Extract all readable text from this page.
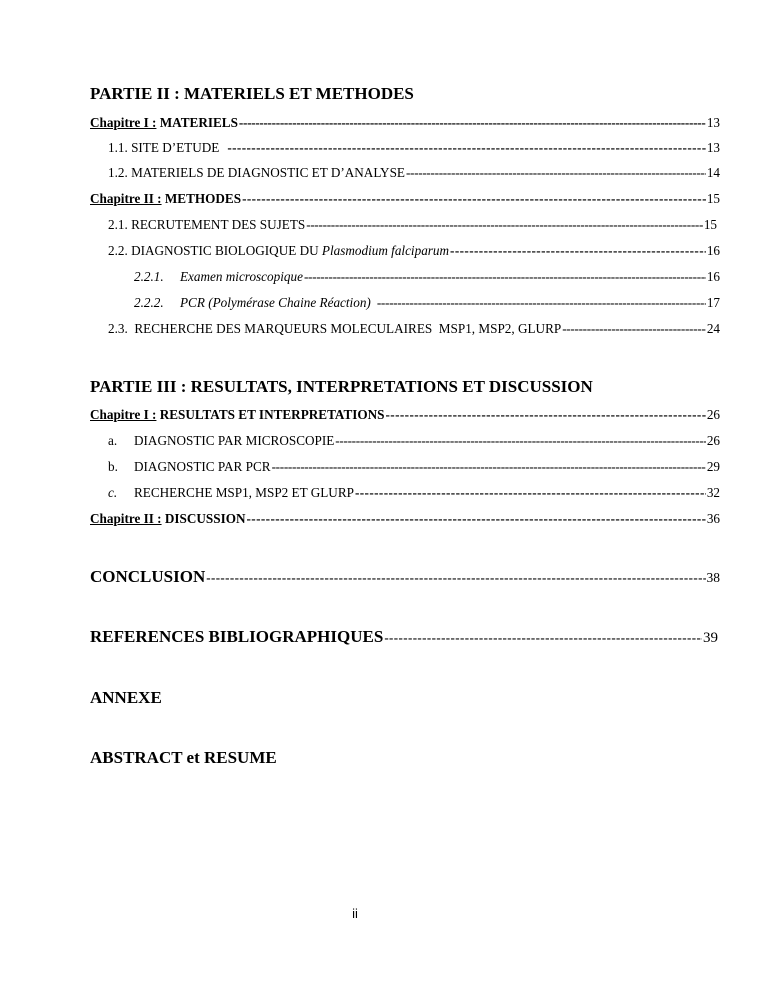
PARTIE II : MATERIELS ET METHODES
Chapitre I : MATERIELS -----	13
1.1. SITE D’ETUDE -----	13
1.2. MATERIELS DE DIAGNOSTIC ET D’ANALYSE -----	14
Chapitre II : METHODES -----	15
2.1. RECRUTEMENT DES SUJETS -----	15
2.2. DIAGNOSTIC BIOLOGIQUE DU Plasmodium falciparum -----	16
2.2.1. Examen microscopique -----	16
2.2.2. PCR (Polymérase Chaine Réaction) -----	17
2.3.  RECHERCHE DES MARQUEURS MOLECULAIRES  MSP1, MSP2, GLURP -----	24
PARTIE III : RESULTATS, INTERPRETATIONS ET DISCUSSION
Chapitre I : RESULTATS ET INTERPRETATIONS -----	26
a. DIAGNOSTIC PAR MICROSCOPIE -----	26
b. DIAGNOSTIC PAR PCR -----	29
c. RECHERCHE MSP1, MSP2 ET GLURP -----	32
Chapitre II : DISCUSSION -----	36
CONCLUSION -----	38
REFERENCES BIBLIOGRAPHIQUES -----	39
ANNEXE
ABSTRACT et RESUME
ii
